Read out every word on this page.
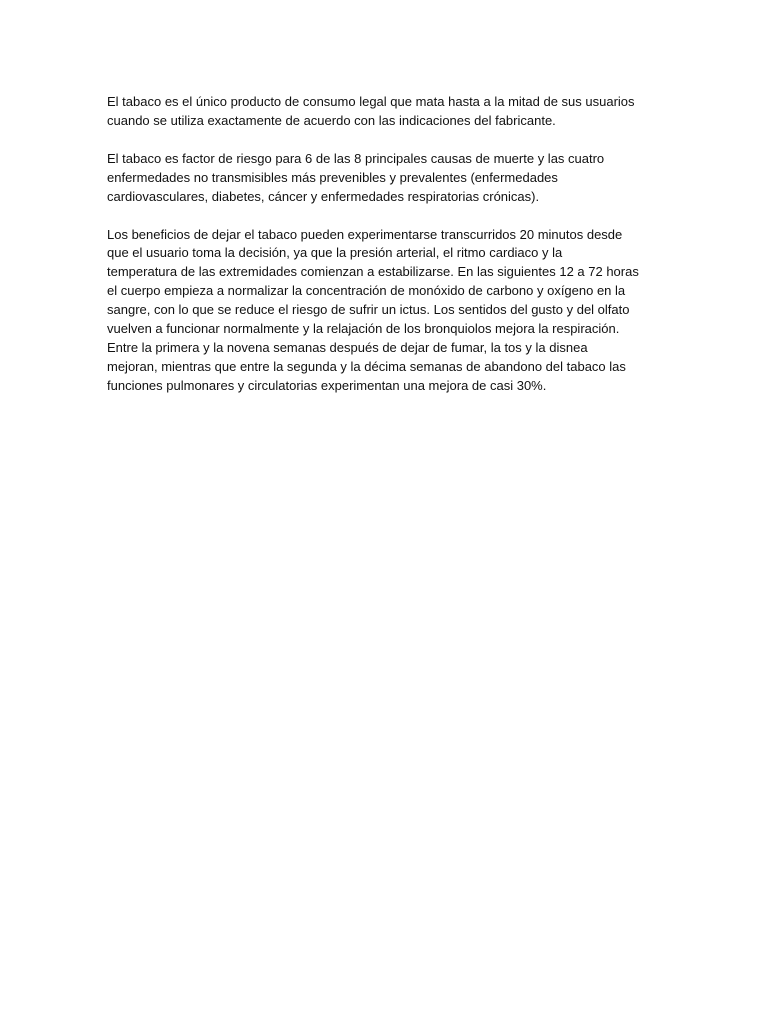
El tabaco es el único producto de consumo legal que mata hasta a la mitad de sus usuarios
cuando se utiliza exactamente de acuerdo con las indicaciones del fabricante.

El tabaco es factor de riesgo para 6 de las 8 principales causas de muerte y las cuatro
enfermedades no transmisibles más prevenibles y prevalentes (enfermedades
cardiovasculares, diabetes, cáncer y enfermedades respiratorias crónicas).

Los beneficios de dejar el tabaco pueden experimentarse transcurridos 20 minutos desde
que el usuario toma la decisión, ya que la presión arterial, el ritmo cardiaco y la
temperatura de las extremidades comienzan a estabilizarse. En las siguientes 12 a 72 horas
el cuerpo empieza a normalizar la concentración de monóxido de carbono y oxígeno en la
sangre, con lo que se reduce el riesgo de sufrir un ictus. Los sentidos del gusto y del olfato
vuelven a funcionar normalmente y la relajación de los bronquiolos mejora la respiración.
Entre la primera y la novena semanas después de dejar de fumar, la tos y la disnea
mejoran, mientras que entre la segunda y la décima semanas de abandono del tabaco las
funciones pulmonares y circulatorias experimentan una mejora de casi 30%.
